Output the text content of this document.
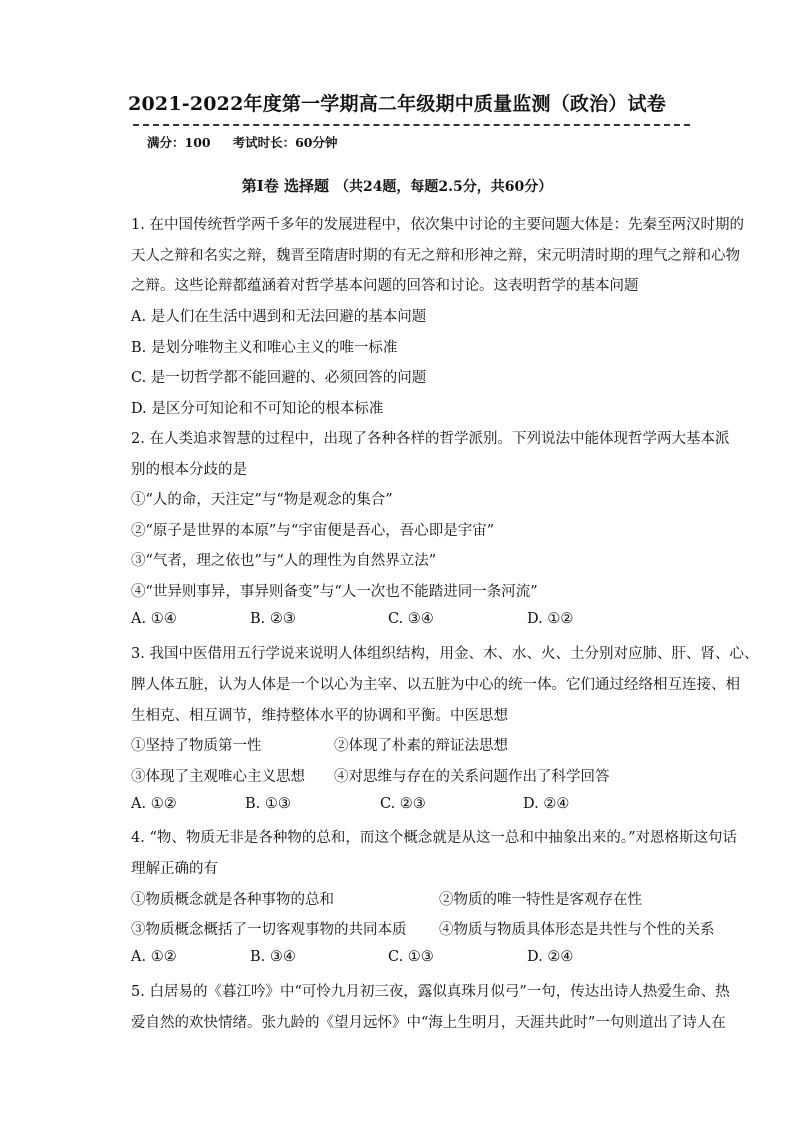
2021-2022年度第一学期高二年级期中质量监测（政治）试卷
满分：100 考试时长：60分钟
第Ⅰ卷 选择题 （共24题，每题2.5分，共60分）
1. 在中国传统哲学两千多年的发展进程中，依次集中讨论的主要问题大体是：先秦至两汉时期的
天人之辩和名实之辩，魏晋至隋唐时期的有无之辩和形神之辩，宋元明清时期的理气之辩和心物
之辩。这些论辩都蕴涵着对哲学基本问题的回答和讨论。这表明哲学的基本问题
A. 是人们在生活中遇到和无法回避的基本问题
B. 是划分唯物主义和唯心主义的唯一标准
C. 是一切哲学都不能回避的、必须回答的问题
D. 是区分可知论和不可知论的根本标准
2. 在人类追求智慧的过程中，出现了各种各样的哲学派别。下列说法中能体现哲学两大基本派
别的根本分歧的是
①“人的命，天注定”与“物是观念的集合”
②“原子是世界的本原”与“宇宙便是吾心，吾心即是宇宙”
③“气者，理之依也”与“人的理性为自然界立法”
④“世异则事异，事异则备变”与“人一次也不能踏进同一条河流”
A. ①④	B. ②③	C. ③④	D. ①②
3. 我国中医借用五行学说来说明人体组织结构，用金、木、水、火、土分别对应肺、肝、肾、心、
脾人体五脏，认为人体是一个以心为主宰、以五脏为中心的统一体。它们通过经络相互连接、相
生相克、相互调节，维持整体水平的协调和平衡。中医思想
①坚持了物质第一性	②体现了朴素的辩证法思想
③体现了主观唯心主义思想 ④对思维与存在的关系问题作出了科学回答
A. ①②	B. ①③	C. ②③	D. ②④
4. “物、物质无非是各种物的总和，而这个概念就是从这一总和中抽象出来的。”对恩格斯这句话
理解正确的有
①物质概念就是各种事物的总和	②物质的唯一特性是客观存在性
③物质概念概括了一切客观事物的共同本质 ④物质与物质具体形态是共性与个性的关系
A. ①②	B. ③④	C. ①③	D. ②④
5. 白居易的《暮江吟》中“可怜九月初三夜，露似真珠月似弓”一句，传达出诗人热爱生命、热
爱自然的欢快情绪。张九龄的《望月远怀》中“海上生明月，天涯共此时”一句则道出了诗人在
